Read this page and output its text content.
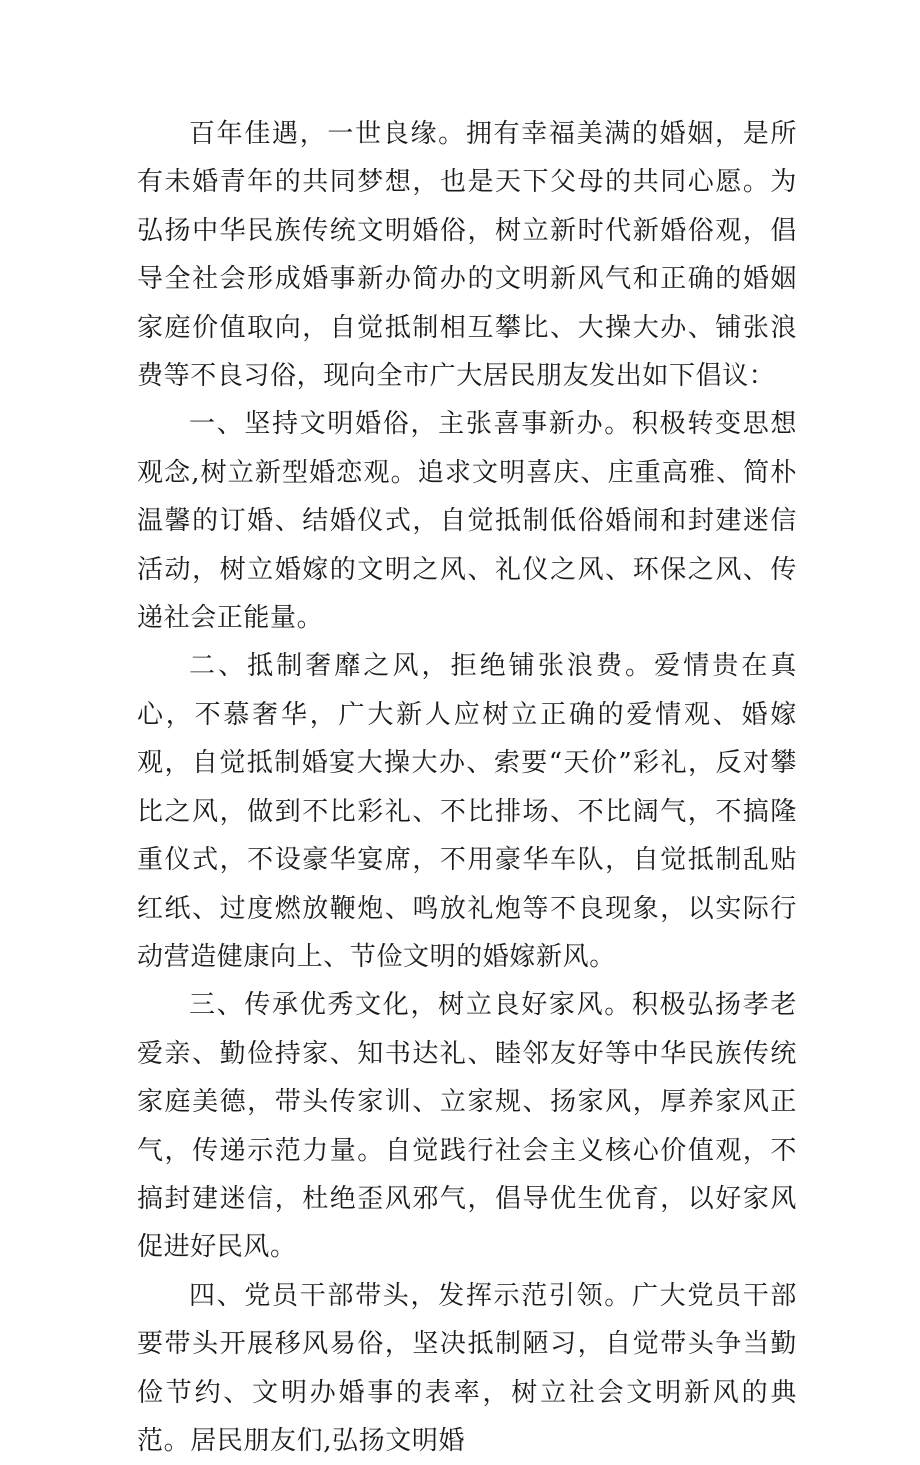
百年佳遇，一世良缘。拥有幸福美满的婚姻，是所有未婚青年的共同梦想，也是天下父母的共同心愿。为弘扬中华民族传统文明婚俗，树立新时代新婚俗观，倡导全社会形成婚事新办简办的文明新风气和正确的婚姻家庭价值取向，自觉抵制相互攀比、大操大办、铺张浪费等不良习俗，现向全市广大居民朋友发出如下倡议：

一、坚持文明婚俗，主张喜事新办。积极转变思想观念,树立新型婚恋观。追求文明喜庆、庄重高雅、简朴温馨的订婚、结婚仪式，自觉抵制低俗婚闹和封建迷信活动，树立婚嫁的文明之风、礼仪之风、环保之风、传递社会正能量。

二、抵制奢靡之风，拒绝铺张浪费。爱情贵在真心，不慕奢华，广大新人应树立正确的爱情观、婚嫁观，自觉抵制婚宴大操大办、索要“天价”彩礼，反对攀比之风，做到不比彩礼、不比排场、不比阔气，不搞隆重仪式，不设豪华宴席，不用豪华车队，自觉抵制乱贴红纸、过度燃放鞭炮、鸣放礼炮等不良现象，以实际行动营造健康向上、节俭文明的婚嫁新风。

三、传承优秀文化，树立良好家风。积极弘扬孝老爱亲、勤俭持家、知书达礼、睦邻友好等中华民族传统家庭美德，带头传家训、立家规、扬家风，厚养家风正气，传递示范力量。自觉践行社会主义核心价值观，不搞封建迷信，杜绝歪风邪气，倡导优生优育，以好家风促进好民风。

四、党员干部带头，发挥示范引领。广大党员干部要带头开展移风易俗，坚决抵制陋习，自觉带头争当勤俭节约、文明办婚事的表率，树立社会文明新风的典范。居民朋友们,弘扬文明婚
